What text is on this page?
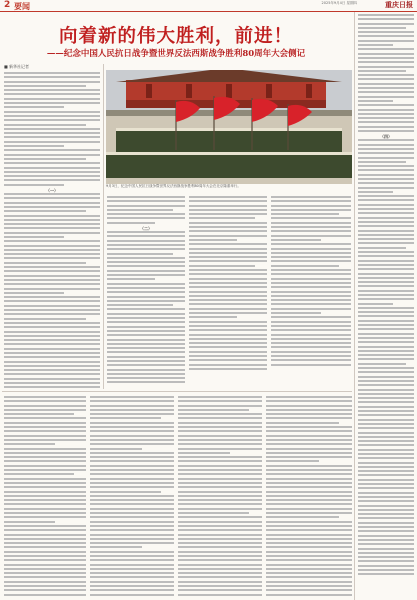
2 要闻	2025年9月4日 星期四	重庆日报
向着新的伟大胜利，前进！
——纪念中国人民抗日战争暨世界反法西斯战争胜利80周年大会侧记
■ 新华社记者
9月3日，纪念中国人民抗日战争暨世界反法西斯战争胜利80周年大会在北京隆重举行。
（一）
（二）
（四）
